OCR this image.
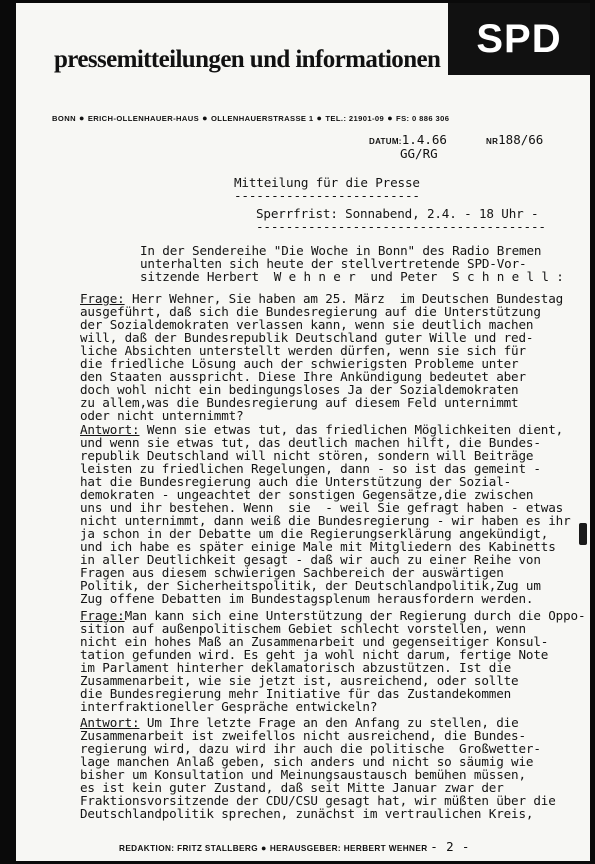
pressemitteilungen und informationen SPD
BONN ● ERICH-OLLENHAUER-HAUS ● OLLENHAUERSTRASSE 1 ● TEL.: 21901-09 ● FS: 0 886 306
DATUM:1.4.66	NR188/66
GG/RG
Mitteilung für die Presse
-------------------------
Sperrfrist: Sonnabend, 2.4. - 18 Uhr -
---------------------------------------
In der Sendereihe "Die Woche in Bonn" des Radio Bremen
unterhalten sich heute der stellvertretende SPD-Vor-
sitzende Herbert  W e h n e r  und Peter  S c h n e l l :
Frage: Herr Wehner, Sie haben am 25. März  im Deutschen Bundestag
ausgeführt, daß sich die Bundesregierung auf die Unterstützung
der Sozialdemokraten verlassen kann, wenn sie deutlich machen
will, daß der Bundesrepublik Deutschland guter Wille und red-
liche Absichten unterstellt werden dürfen, wenn sie sich für
die friedliche Lösung auch der schwierigsten Probleme unter
den Staaten ausspricht. Diese Ihre Ankündigung bedeutet aber
doch wohl nicht ein bedingungsloses Ja der Sozialdemokraten
zu allem,was die Bundesregierung auf diesem Feld unternimmt
oder nicht unternimmt?
Antwort: Wenn sie etwas tut, das friedlichen Möglichkeiten dient,
und wenn sie etwas tut, das deutlich machen hilft, die Bundes-
republik Deutschland will nicht stören, sondern will Beiträge
leisten zu friedlichen Regelungen, dann - so ist das gemeint -
hat die Bundesregierung auch die Unterstützung der Sozial-
demokraten - ungeachtet der sonstigen Gegensätze,die zwischen
uns und ihr bestehen. Wenn  sie  - weil Sie gefragt haben - etwas
nicht unternimmt, dann weiß die Bundesregierung - wir haben es ihr
ja schon in der Debatte um die Regierungserklärung angekündigt,
und ich habe es später einige Male mit Mitgliedern des Kabinetts
in aller Deutlichkeit gesagt - daß wir auch zu einer Reihe von
Fragen aus diesem schwierigen Sachbereich der auswärtigen
Politik, der Sicherheitspolitik, der Deutschlandpolitik,Zug um
Zug offene Debatten im Bundestagsplenum herausfordern werden.
Frage:Man kann sich eine Unterstützung der Regierung durch die Oppo-
sition auf außenpolitischem Gebiet schlecht vorstellen, wenn
nicht ein hohes Maß an Zusammenarbeit und gegenseitiger Konsul-
tation gefunden wird. Es geht ja wohl nicht darum, fertige Note
im Parlament hinterher deklamatorisch abzustützen. Ist die
Zusammenarbeit, wie sie jetzt ist, ausreichend, oder sollte
die Bundesregierung mehr Initiative für das Zustandekommen
interfraktioneller Gespräche entwickeln?
Antwort: Um Ihre letzte Frage an den Anfang zu stellen, die
Zusammenarbeit ist zweifellos nicht ausreichend, die Bundes-
regierung wird, dazu wird ihr auch die politische  Großwetter-
lage manchen Anlaß geben, sich anders und nicht so säumig wie
bisher um Konsultation und Meinungsaustausch bemühen müssen,
es ist kein guter Zustand, daß seit Mitte Januar zwar der
Fraktionsvorsitzende der CDU/CSU gesagt hat, wir müßten über die
Deutschlandpolitik sprechen, zunächst im vertraulichen Kreis,
REDAKTION: FRITZ STALLBERG ● HERAUSGEBER: HERBERT WEHNER - 2 -
